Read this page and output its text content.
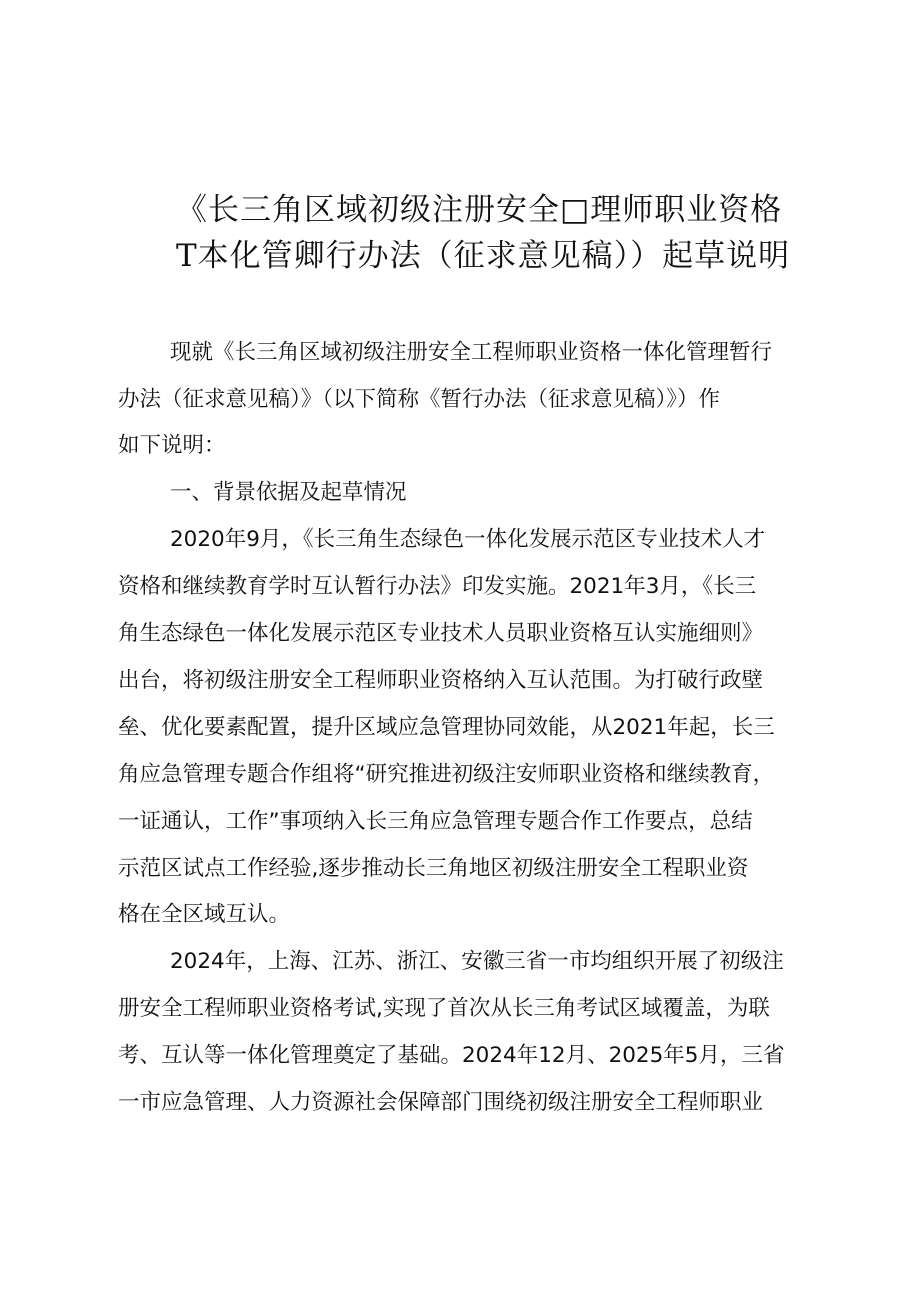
《长三角区域初级注册安全□理师职业资格
T本化管卿行办法（征求意见稿））起草说明
现就《长三角区域初级注册安全工程师职业资格一体化管理暂行
办法（征求意见稿）》（以下简称《暂行办法（征求意见稿）》）作
如下说明：
一、背景依据及起草情况
2020年9月，《长三角生态绿色一体化发展示范区专业技术人才
资格和继续教育学时互认暂行办法》印发实施。2021年3月，《长三
角生态绿色一体化发展示范区专业技术人员职业资格互认实施细则》
出台，将初级注册安全工程师职业资格纳入互认范围。为打破行政壁
垒、优化要素配置，提升区域应急管理协同效能，从2021年起，长三
角应急管理专题合作组将“研究推进初级注安师职业资格和继续教育，
一证通认，工作”事项纳入长三角应急管理专题合作工作要点，总结
示范区试点工作经验,逐步推动长三角地区初级注册安全工程职业资
格在全区域互认。
2024年，上海、江苏、浙江、安徽三省一市均组织开展了初级注
册安全工程师职业资格考试,实现了首次从长三角考试区域覆盖，为联
考、互认等一体化管理奠定了基础。2024年12月、2025年5月，三省
一市应急管理、人力资源社会保障部门围绕初级注册安全工程师职业
